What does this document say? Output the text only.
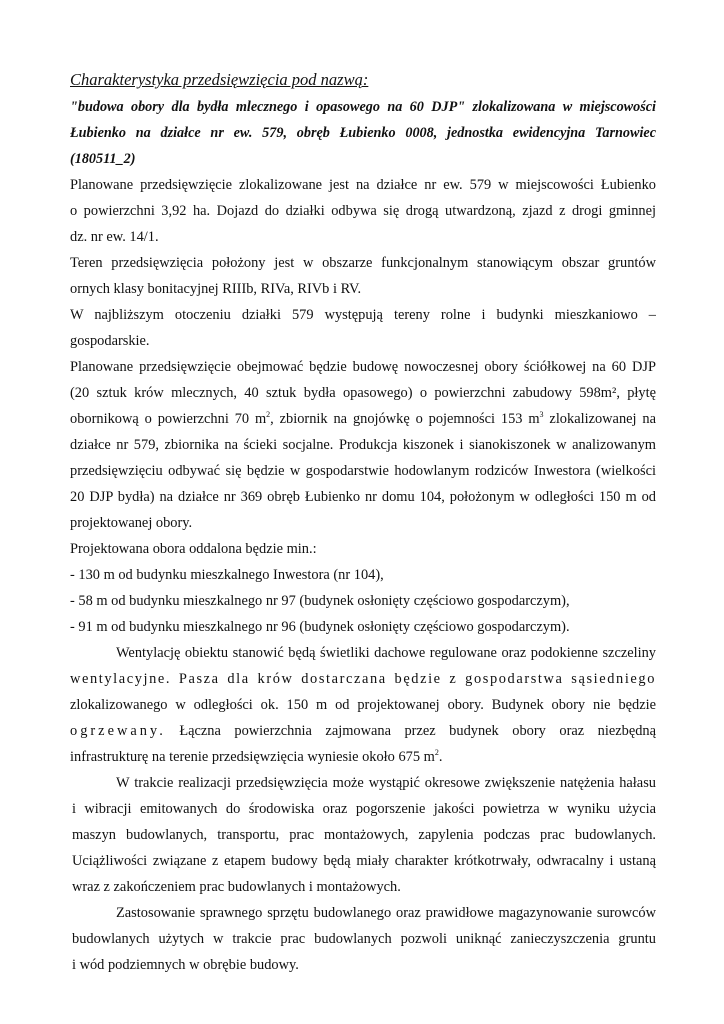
Charakterystyka przedsięwzięcia pod nazwą:
"budowa obory dla bydła mlecznego i opasowego na 60 DJP" zlokalizowana w miejscowości
Łubienko na działce nr ew. 579, obręb Łubienko 0008, jednostka ewidencyjna Tarnowiec
(180511_2)
Planowane przedsięwzięcie zlokalizowane jest na działce nr ew. 579 w miejscowości Łubienko
o powierzchni 3,92 ha. Dojazd do działki odbywa się drogą utwardzoną, zjazd z drogi gminnej
dz. nr ew. 14/1.
Teren przedsięwzięcia położony jest w obszarze funkcjonalnym stanowiącym obszar gruntów
ornych klasy bonitacyjnej RIIIb, RIVa, RIVb i RV.
W najbliższym otoczeniu działki 579 występują tereny rolne i budynki mieszkaniowo –
gospodarskie.
Planowane przedsięwzięcie obejmować będzie budowę nowoczesnej obory ściółkowej na 60 DJP
(20 sztuk krów mlecznych, 40 sztuk bydła opasowego) o powierzchni zabudowy 598m², płytę
obornikową o powierzchni 70 $m^2$, zbiornik na gnojówkę o pojemności 153 $m^3$ zlokalizowanej na
działce nr 579, zbiornika na ścieki socjalne. Produkcja kiszonek i sianokiszonek w analizowanym
przedsięwzięciu odbywać się będzie w gospodarstwie hodowlanym rodziców Inwestora (wielkości
20 DJP bydła) na działce nr 369 obręb Łubienko nr domu 104, położonym w odległości 150 m od
projektowanej obory.
Projektowana obora oddalona będzie min.:
- 130 m od budynku mieszkalnego Inwestora (nr 104),
- 58 m od budynku mieszkalnego nr 97 (budynek osłonięty częściowo gospodarczym),
- 91 m od budynku mieszkalnego nr 96 (budynek osłonięty częściowo gospodarczym).
Wentylację obiektu stanowić będą świetliki dachowe regulowane oraz podokienne szczeliny
wentylacyjne. Pasza dla krów dostarczana będzie z gospodarstwa sąsiedniego
zlokalizowanego w odległości ok. 150 m od projektowanej obory. Budynek obory nie będzie
ogrzewany. Łączna powierzchnia zajmowana przez budynek obory oraz niezbędną
infrastrukturę na terenie przedsięwzięcia wyniesie około 675 $m^2$.
W trakcie realizacji przedsięwzięcia może wystąpić okresowe zwiększenie natężenia hałasu
i wibracji emitowanych do środowiska oraz pogorszenie jakości powietrza w wyniku użycia
maszyn budowlanych, transportu, prac montażowych, zapylenia podczas prac budowlanych.
Uciążliwości związane z etapem budowy będą miały charakter krótkotrwały, odwracalny i ustaną
wraz z zakończeniem prac budowlanych i montażowych.
Zastosowanie sprawnego sprzętu budowlanego oraz prawidłowe magazynowanie surowców
budowlanych użytych w trakcie prac budowlanych pozwoli uniknąć zanieczyszczenia gruntu
i wód podziemnych w obrębie budowy.
